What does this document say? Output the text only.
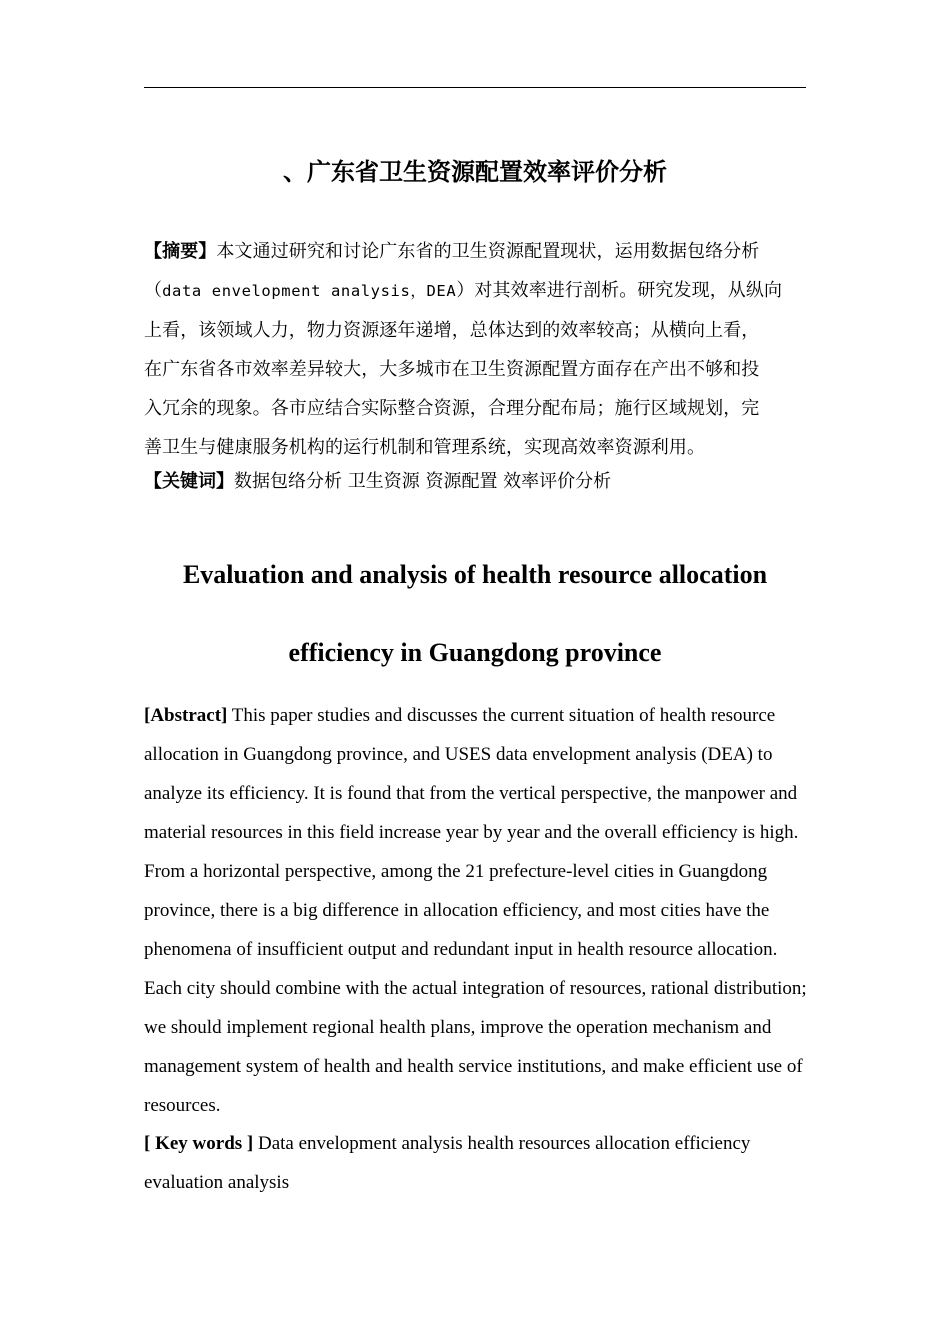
、广东省卫生资源配置效率评价分析
【摘要】本文通过研究和讨论广东省的卫生资源配置现状，运用数据包络分析
（data envelopment analysis，DEA）对其效率进行剖析。研究发现，从纵向
上看，该领域人力，物力资源逐年递增，总体达到的效率较高；从横向上看，
在广东省各市效率差异较大，大多城市在卫生资源配置方面存在产出不够和投
入冗余的现象。各市应结合实际整合资源，合理分配布局；施行区域规划，完
善卫生与健康服务机构的运行机制和管理系统，实现高效率资源利用。
【关键词】数据包络分析 卫生资源 资源配置 效率评价分析
Evaluation and analysis of health resource allocation
efficiency in Guangdong province
[Abstract] This paper studies and discusses the current situation of health resource allocation in Guangdong province, and USES data envelopment analysis (DEA) to analyze its efficiency. It is found that from the vertical perspective, the manpower and material resources in this field increase year by year and the overall efficiency is high. From a horizontal perspective, among the 21 prefecture-level cities in Guangdong province, there is a big difference in allocation efficiency, and most cities have the phenomena of insufficient output and redundant input in health resource allocation. Each city should combine with the actual integration of resources, rational distribution; we should implement regional health plans, improve the operation mechanism and management system of health and health service institutions, and make efficient use of resources.
[ Key words ] Data envelopment analysis health resources allocation efficiency evaluation analysis
